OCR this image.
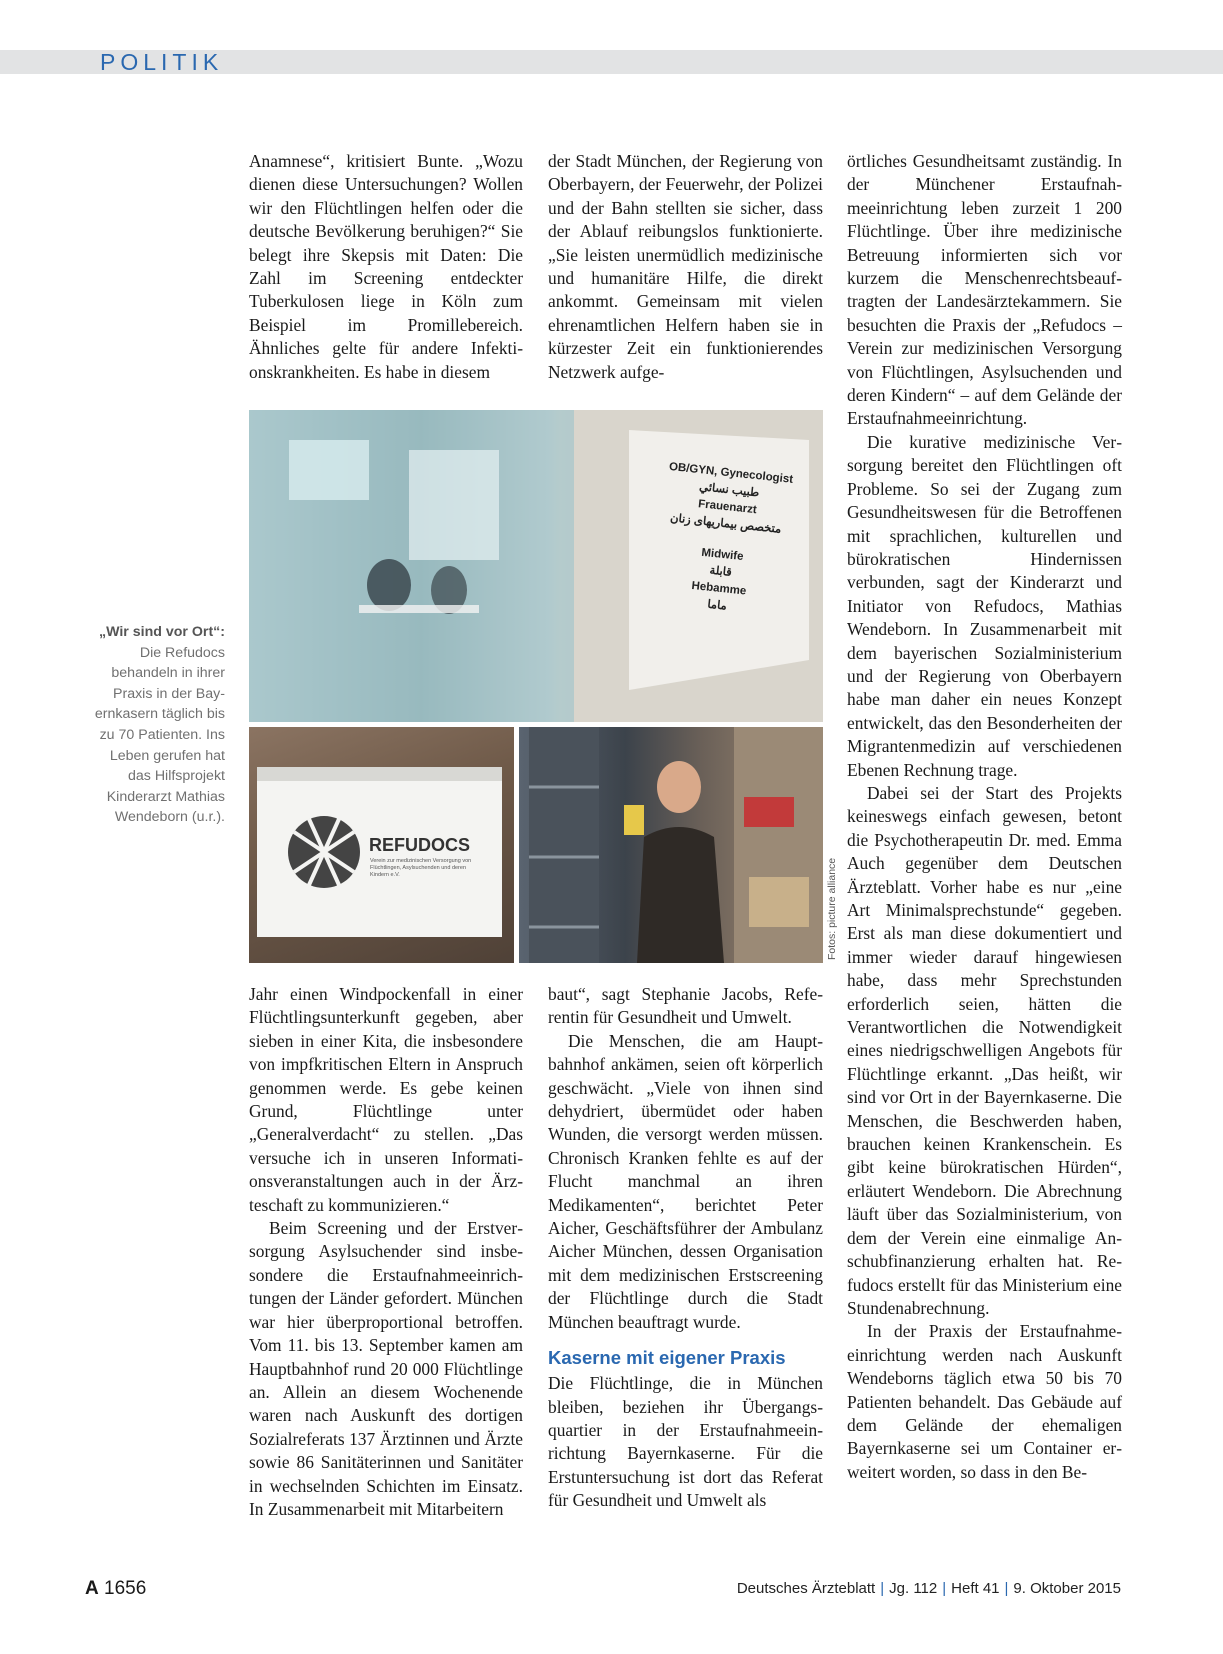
POLITIK

Anamnese“, kritisiert Bunte. „Wozu dienen diese Untersuchungen? Wollen wir den Flüchtlingen helfen oder die deutsche Bevölkerung beruhigen?“ Sie belegt ihre Skepsis mit Daten: Die Zahl im Screening entdeckter Tuberkulosen liege in Köln zum Beispiel im Promillebereich. Ähnliches gelte für andere Infektionskrankheiten. Es habe in diesem

der Stadt München, der Regierung von Oberbayern, der Feuerwehr, der Polizei und der Bahn stellten sie sicher, dass der Ablauf reibungslos funktionierte. „Sie leisten unermüdlich medizinische und humanitäre Hilfe, die direkt ankommt. Gemeinsam mit vielen ehrenamtlichen Helfern haben sie in kürzester Zeit ein funktionierendes Netzwerk aufge-

örtliches Gesundheitsamt zuständig. In der Münchener Erstaufnahmeeinrichtung leben zurzeit 1 200 Flüchtlinge. Über ihre medizinische Betreuung informierten sich vor kurzem die Menschenrechtsbeauftragten der Landesärztekammern. Sie besuchten die Praxis der „Refudocs – Verein zur medizinischen Versorgung von Flüchtlingen, Asylsuchenden und deren Kindern“ – auf dem Gelände der Erstaufnahmeeinrichtung.

Die kurative medizinische Versorgung bereitet den Flüchtlingen oft Probleme. So sei der Zugang zum Gesundheitswesen für die Betroffenen mit sprachlichen, kulturellen und bürokratischen Hindernissen verbunden, sagt der Kinderarzt und Initiator von Refudocs, Mathias Wendeborn. In Zusammenarbeit mit dem bayerischen Sozialministerium und der Regierung von Oberbayern habe man daher ein neues Konzept entwickelt, das den Besonderheiten der Migrantenmedizin auf verschiedenen Ebenen Rechnung trage.

Dabei sei der Start des Projekts keineswegs einfach gewesen, betont die Psychotherapeutin Dr. med. Emma Auch gegenüber dem Deutschen Ärzteblatt. Vorher habe es nur „eine Art Minimalsprechstunde“ gegeben. Erst als man diese dokumentiert und immer wieder darauf hingewiesen habe, dass mehr Sprechstunden erforderlich seien, hätten die Verantwortlichen die Notwendigkeit eines niedrigschwelligen Angebots für Flüchtlinge erkannt. „Das heißt, wir sind vor Ort in der Bayernkaserne. Die Menschen, die Beschwerden haben, brauchen keinen Krankenschein. Es gibt keine bürokratischen Hürden“, erläutert Wendeborn. Die Abrechnung läuft über das Sozialministerium, von dem der Verein eine einmalige Anschubfinanzierung erhalten hat. Refudocs erstellt für das Ministerium eine Stundenabrechnung.

In der Praxis der Erstaufnahmeeinrichtung werden nach Auskunft Wendeborns täglich etwa 50 bis 70 Patienten behandelt. Das Gebäude auf dem Gelände der ehemaligen Bayernkaserne sei um Container erweitert worden, so dass in den Be-

OB/GYN, Gynecologist
طبيب نسائي
Frauenarzt
متخصص بیماریهای زنان
Midwife
قابلة
Hebamme
ماما
REFUDOCS
Verein zur medizinischen Versorgung von Flüchtlingen, Asylsuchenden und deren Kindern e.V.	Fotos: picture alliance
„Wir sind vor Ort“: Die Refudocs behandeln in ihrer Praxis in der Bayernkasern täglich bis zu 70 Patienten. Ins Leben gerufen hat das Hilfsprojekt Kinderarzt Mathias Wendeborn (u.r.).

Jahr einen Windpockenfall in einer Flüchtlingsunterkunft gegeben, aber sieben in einer Kita, die insbesondere von impfkritischen Eltern in Anspruch genommen werde. Es gebe keinen Grund, Flüchtlinge unter „Generalverdacht“ zu stellen. „Das versuche ich in unseren Informationsveranstaltungen auch in der Ärzteschaft zu kommunizieren.“

Beim Screening und der Erstversorgung Asylsuchender sind insbesondere die Erstaufnahmeeinrichtungen der Länder gefordert. München war hier überproportional betroffen. Vom 11. bis 13. September kamen am Hauptbahnhof rund 20 000 Flüchtlinge an. Allein an diesem Wochenende waren nach Auskunft des dortigen Sozialreferats 137 Ärztinnen und Ärzte sowie 86 Sanitäterinnen und Sanitäter in wechselnden Schichten im Einsatz. In Zusammenarbeit mit Mitarbeitern

baut“, sagt Stephanie Jacobs, Referentin für Gesundheit und Umwelt.

Die Menschen, die am Hauptbahnhof ankämen, seien oft körperlich geschwächt. „Viele von ihnen sind dehydriert, übermüdet oder haben Wunden, die versorgt werden müssen. Chronisch Kranken fehlte es auf der Flucht manchmal an ihren Medikamenten“, berichtet Peter Aicher, Geschäftsführer der Ambulanz Aicher München, dessen Organisation mit dem medizinischen Erstscreening der Flüchtlinge durch die Stadt München beauftragt wurde.

Kaserne mit eigener Praxis

Die Flüchtlinge, die in München bleiben, beziehen ihr Übergangsquartier in der Erstaufnahmeeinrichtung Bayernkaserne. Für die Erstuntersuchung ist dort das Referat für Gesundheit und Umwelt als

A 1656	Deutsches Ärzteblatt | Jg. 112 | Heft 41 | 9. Oktober 2015
